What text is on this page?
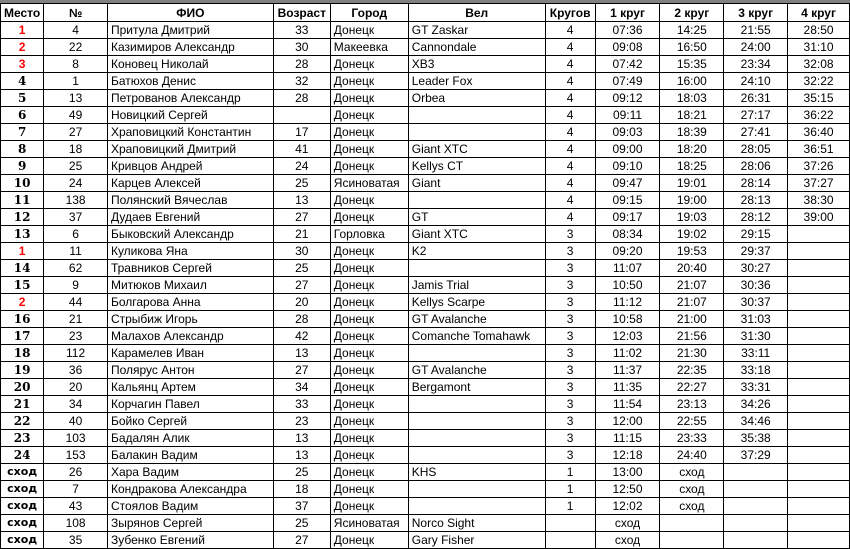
Место	№	ФИО	Возраст	Город	Вел	Кругов	1 круг	2 круг	3 круг	4 круг
1	4	Притула Дмитрий	33	Донецк	GT Zaskar	4	07:36	14:25	21:55	28:50
2	22	Казимиров Александр	30	Макеевка	Cannondale	4	09:08	16:50	24:00	31:10
3	8	Коновец Николай	28	Донецк	XB3	4	07:42	15:35	23:34	32:08
4	1	Батюхов Денис	32	Донецк	Leader Fox	4	07:49	16:00	24:10	32:22
5	13	Петрованов Александр	28	Донецк	Orbea	4	09:12	18:03	26:31	35:15
6	49	Новицкий Сергей		Донецк		4	09:11	18:21	27:17	36:22
7	27	Храповицкий Константин	17	Донецк		4	09:03	18:39	27:41	36:40
8	18	Храповицкий Дмитрий	41	Донецк	Giant XTC	4	09:00	18:20	28:05	36:51
9	25	Кривцов Андрей	24	Донецк	Kellys CT	4	09:10	18:25	28:06	37:26
10	24	Карцев Алексей	25	Ясиноватая	Giant	4	09:47	19:01	28:14	37:27
11	138	Полянский Вячеслав	13	Донецк		4	09:15	19:00	28:13	38:30
12	37	Дудаев Евгений	27	Донецк	GT	4	09:17	19:03	28:12	39:00
13	6	Быковский Александр	21	Горловка	Giant XTC	3	08:34	19:02	29:15	
1	11	Куликова Яна	30	Донецк	K2	3	09:20	19:53	29:37	
14	62	Травников Сергей	25	Донецк		3	11:07	20:40	30:27	
15	9	Митюков Михаил	27	Донецк	Jamis Trial	3	10:50	21:07	30:36	
2	44	Болгарова Анна	20	Донецк	Kellys Scarpe	3	11:12	21:07	30:37	
16	21	Стрыбиж Игорь	28	Донецк	GT Avalanche	3	10:58	21:00	31:03	
17	23	Малахов Александр	42	Донецк	Comanche Tomahawk	3	12:03	21:56	31:30	
18	112	Карамелев Иван	13	Донецк		3	11:02	21:30	33:11	
19	36	Полярус Антон	27	Донецк	GT Avalanche	3	11:37	22:35	33:18	
20	20	Кальянц Артем	34	Донецк	Bergamont	3	11:35	22:27	33:31	
21	34	Корчагин Павел	33	Донецк		3	11:54	23:13	34:26	
22	40	Бойко Сергей	23	Донецк		3	12:00	22:55	34:46	
23	103	Бадалян Алик	13	Донецк		3	11:15	23:33	35:38	
24	153	Балакин Вадим	13	Донецк		3	12:18	24:40	37:29	
сход	26	Хара Вадим	25	Донецк	KHS	1	13:00	сход		
сход	7	Кондракова Александра	18	Донецк		1	12:50	сход		
сход	43	Стоялов Вадим	37	Донецк		1	12:02	сход		
сход	108	Зырянов Сергей	25	Ясиноватая	Norco Sight		сход			
сход	35	Зубенко Евгений	27	Донецк	Gary Fisher		сход			
